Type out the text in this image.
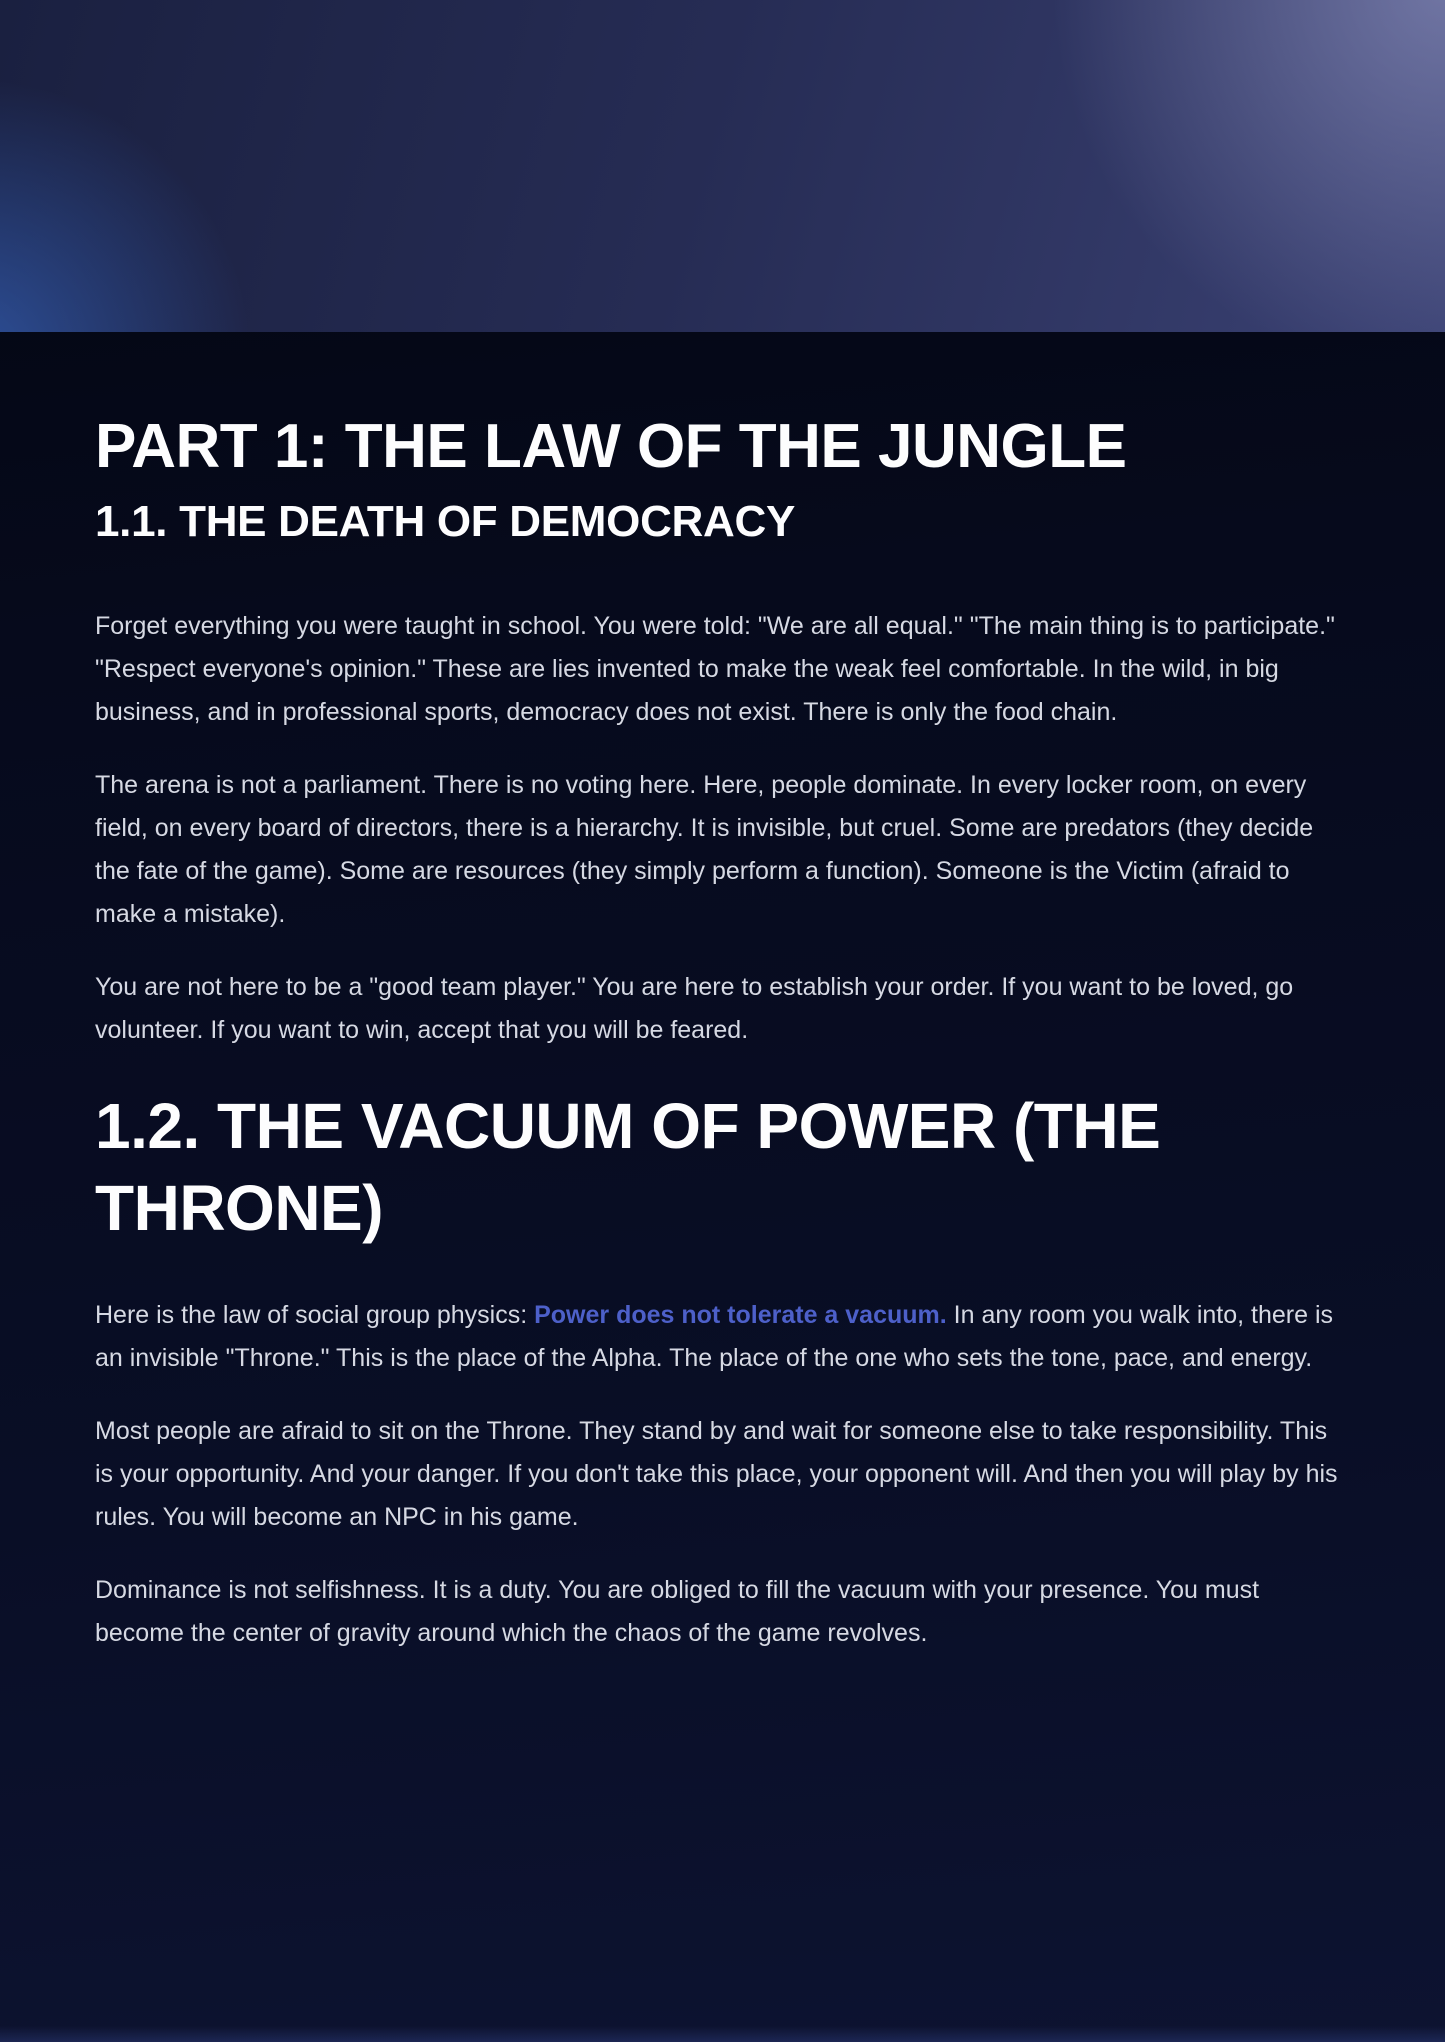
PART 1: THE LAW OF THE JUNGLE
1.1. THE DEATH OF DEMOCRACY

Forget everything you were taught in school. You were told: "We are all equal." "The main thing is to participate." "Respect everyone's opinion." These are lies invented to make the weak feel comfortable. In the wild, in big business, and in professional sports, democracy does not exist. There is only the food chain.

The arena is not a parliament. There is no voting here. Here, people dominate. In every locker room, on every field, on every board of directors, there is a hierarchy. It is invisible, but cruel. Some are predators (they decide the fate of the game). Some are resources (they simply perform a function). Someone is the Victim (afraid to make a mistake).

You are not here to be a "good team player." You are here to establish your order. If you want to be loved, go volunteer. If you want to win, accept that you will be feared.

1.2. THE VACUUM OF POWER (THE THRONE)

Here is the law of social group physics: Power does not tolerate a vacuum. In any room you walk into, there is an invisible "Throne." This is the place of the Alpha. The place of the one who sets the tone, pace, and energy.

Most people are afraid to sit on the Throne. They stand by and wait for someone else to take responsibility. This is your opportunity. And your danger. If you don't take this place, your opponent will. And then you will play by his rules. You will become an NPC in his game.

Dominance is not selfishness. It is a duty. You are obliged to fill the vacuum with your presence. You must become the center of gravity around which the chaos of the game revolves.
